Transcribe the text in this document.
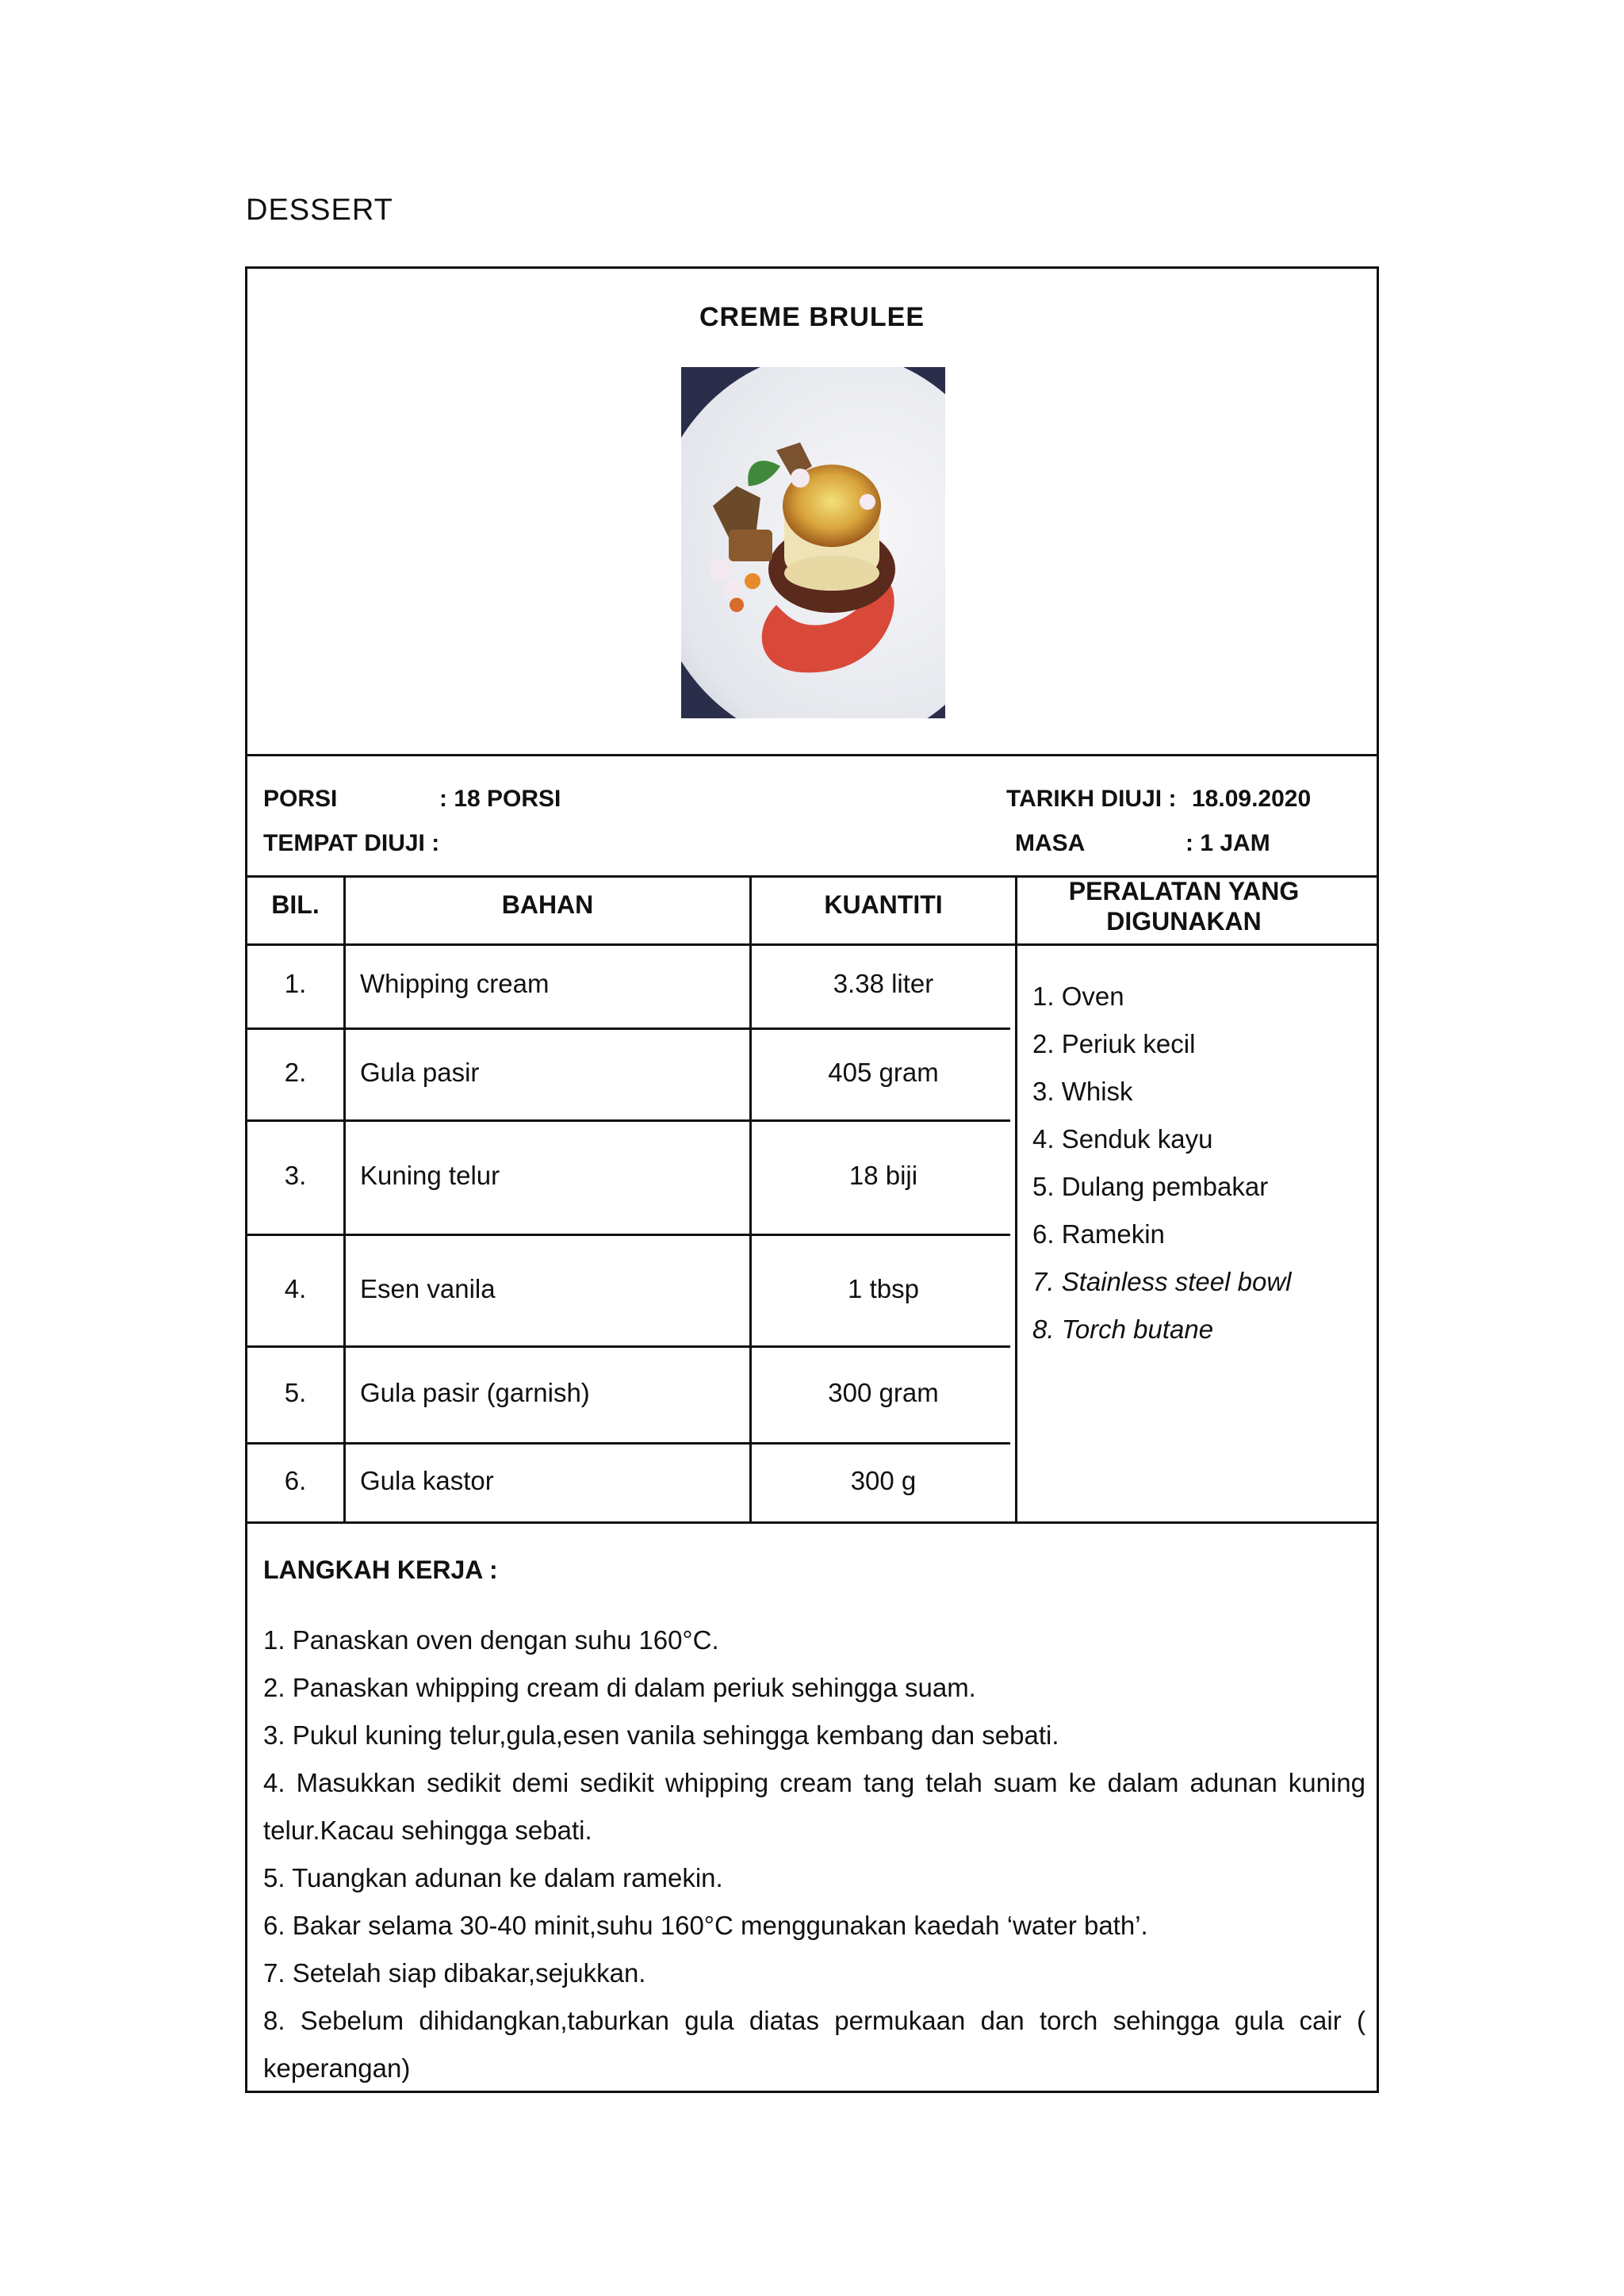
DESSERT
CREME BRULEE
PORSI	: 18 PORSI
TEMPAT DIUJI :
TARIKH DIUJI : 18.09.2020
MASA	: 1 JAM
BIL.	BAHAN	KUANTITI	PERALATAN YANG DIGUNAKAN
1.	Whipping cream	3.38 liter
2.	Gula pasir	405 gram
3.	Kuning telur	18 biji
4.	Esen vanila	1 tbsp
5.	Gula pasir (garnish)	300 gram
6.	Gula kastor	300 g
1. Oven
2. Periuk kecil
3. Whisk
4. Senduk kayu
5. Dulang pembakar
6. Ramekin
7. Stainless steel bowl
8. Torch butane
LANGKAH KERJA :
1. Panaskan oven dengan suhu 160°C.
2. Panaskan whipping cream di dalam periuk sehingga suam.
3. Pukul kuning telur,gula,esen vanila sehingga kembang dan sebati.
4. Masukkan sedikit demi sedikit whipping cream tang telah suam ke dalam adunan kuning telur.Kacau sehingga sebati.
5. Tuangkan adunan ke dalam ramekin.
6. Bakar selama 30-40 minit,suhu 160°C menggunakan kaedah ‘water bath’.
7. Setelah siap dibakar,sejukkan.
8. Sebelum dihidangkan,taburkan gula diatas permukaan dan torch sehingga gula cair ( keperangan)
